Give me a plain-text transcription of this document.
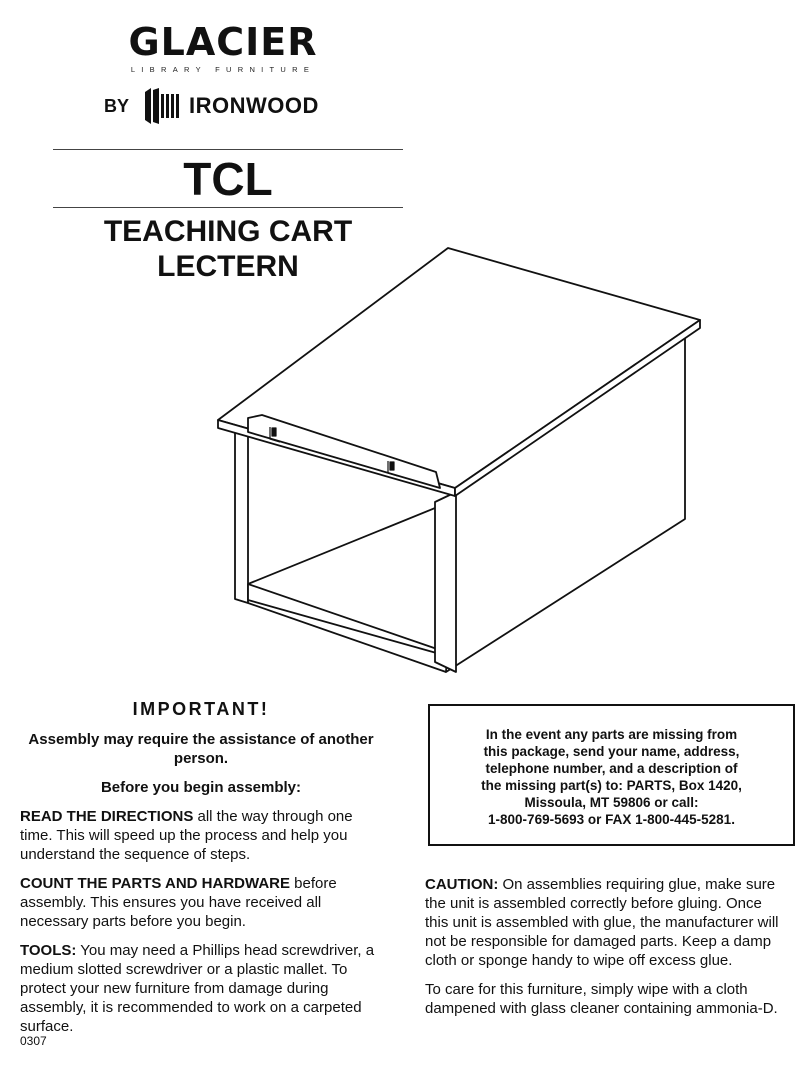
GLACIER
LIBRARY FURNITURE
BY	IRONWOOD
TCL
TEACHING CART
LECTERN
IMPORTANT!
Assembly may require the assistance of another person.
Before you begin assembly:

READ THE DIRECTIONS all the way through one time. This will speed up the process and help you understand the sequence of steps.

COUNT THE PARTS AND HARDWARE before assembly. This ensures you have received all necessary parts before you begin.

TOOLS: You may need a Phillips head screwdriver, a medium slotted screwdriver or a plastic mallet. To protect your new furniture from damage during assembly, it is recommended to work on a carpeted surface.

0307
In the event any parts are missing from
this package, send your name, address,
telephone number, and a description of
the missing part(s) to: PARTS, Box 1420,
Missoula, MT 59806 or call:
1-800-769-5693 or FAX 1-800-445-5281.

CAUTION: On assemblies requiring glue, make sure the unit is assembled correctly before gluing. Once this unit is assembled with glue, the manufacturer will not be responsible for damaged parts. Keep a damp cloth or sponge handy to wipe off excess glue.

To care for this furniture, simply wipe with a cloth dampened with glass cleaner containing ammonia-D.
